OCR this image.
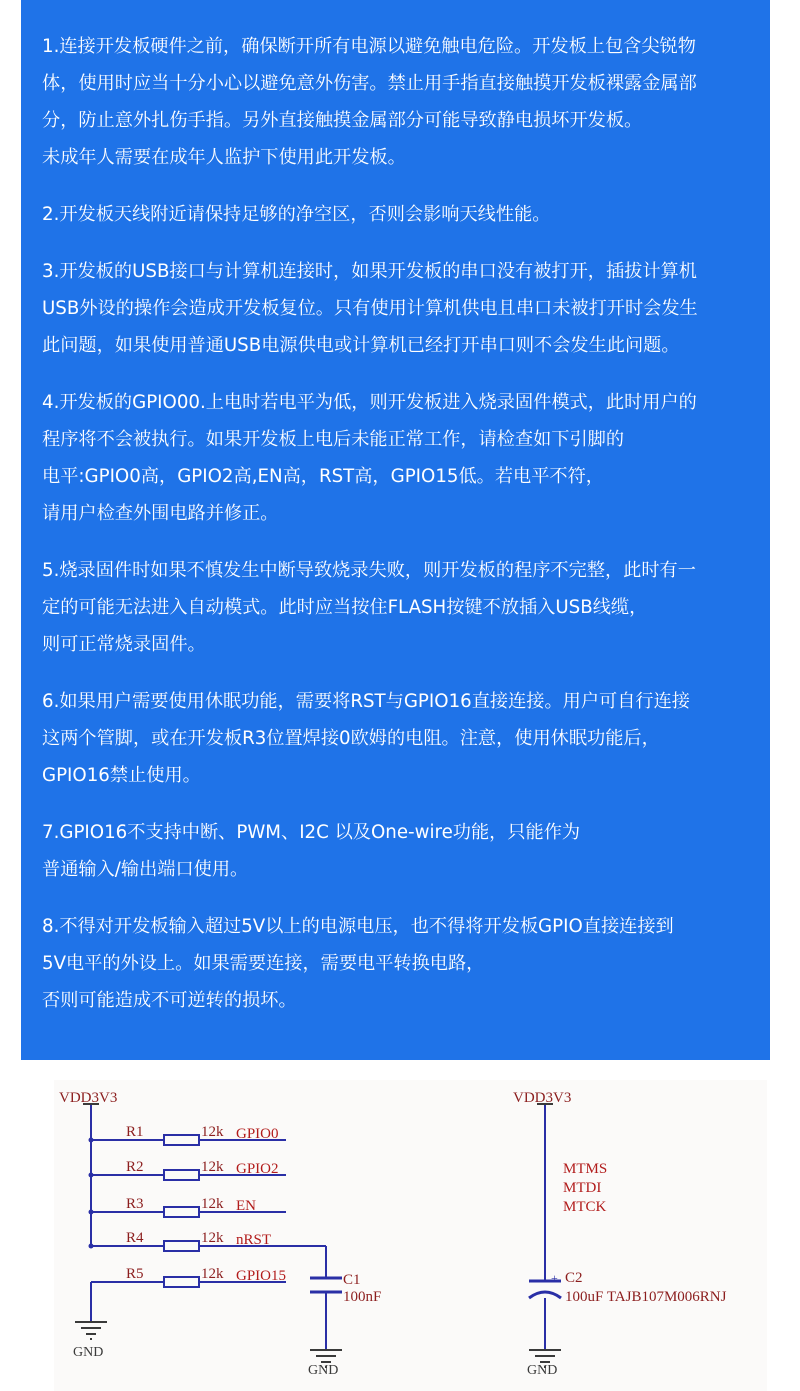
1.连接开发板硬件之前，确保断开所有电源以避免触电危险。开发板上包含尖锐物
体，使用时应当十分小心以避免意外伤害。禁止用手指直接触摸开发板裸露金属部
分，防止意外扎伤手指。另外直接触摸金属部分可能导致静电损坏开发板。
未成年人需要在成年人监护下使用此开发板。
2.开发板天线附近请保持足够的净空区，否则会影响天线性能。
3.开发板的USB接口与计算机连接时，如果开发板的串口没有被打开，插拔计算机
USB外设的操作会造成开发板复位。只有使用计算机供电且串口未被打开时会发生
此问题，如果使用普通USB电源供电或计算机已经打开串口则不会发生此问题。
4.开发板的GPIO00.上电时若电平为低，则开发板进入烧录固件模式，此时用户的
程序将不会被执行。如果开发板上电后未能正常工作，请检查如下引脚的
电平:GPIO0高，GPIO2高,EN高，RST高，GPIO15低。若电平不符，
请用户检查外围电路并修正。
5.烧录固件时如果不慎发生中断导致烧录失败，则开发板的程序不完整，此时有一
定的可能无法进入自动模式。此时应当按住FLASH按键不放插入USB线缆，
则可正常烧录固件。
6.如果用户需要使用休眠功能，需要将RST与GPIO16直接连接。用户可自行连接
这两个管脚，或在开发板R3位置焊接0欧姆的电阻。注意，使用休眠功能后，
GPIO16禁止使用。
7.GPIO16不支持中断、PWM、I2C 以及One-wire功能，只能作为
普通输入/输出端口使用。
8.不得对开发板输入超过5V以上的电源电压，也不得将开发板GPIO直接连接到
5V电平的外设上。如果需要连接，需要电平转换电路，
否则可能造成不可逆转的损坏。
VDD3V3	VDD3V3
R1
R2
R3
R4
R5
12k
12k
12k
12k
12k	C1
100nF
+ C2
100uF TAJB107M006RNJ
GPIO0
GPIO2
EN
nRST
GPIO15
MTMS
MTDI
MTCK
GND
GND	GND
